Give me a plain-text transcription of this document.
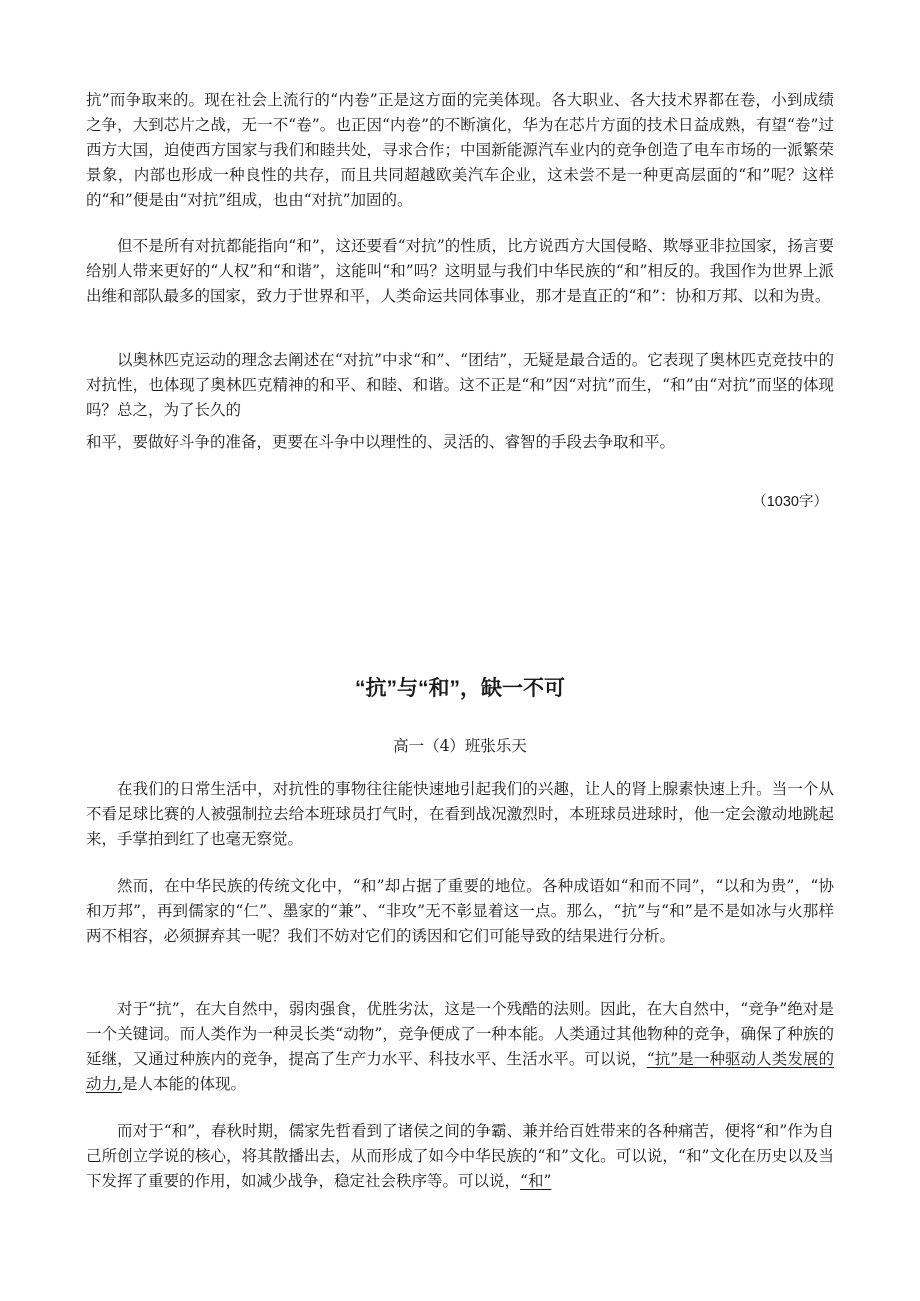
抗”而争取来的。现在社会上流行的“内卷”正是这方面的完美体现。各大职业、各大技术界都在卷，小到成绩之争，大到芯片之战，无一不“卷”。也正因“内卷”的不断演化，华为在芯片方面的技术日益成熟，有望“卷”过西方大国，迫使西方国家与我们和睦共处，寻求合作；中国新能源汽车业内的竞争创造了电车市场的一派繁荣景象，内部也形成一种良性的共存，而且共同超越欧美汽车企业，这未尝不是一种更高层面的“和”呢？这样的“和”便是由“对抗”组成，也由“对抗”加固的。

但不是所有对抗都能指向“和”，这还要看“对抗”的性质，比方说西方大国侵略、欺辱亚非拉国家，扬言要给别人带来更好的“人权”和“和谐”，这能叫“和”吗？这明显与我们中华民族的“和”相反的。我国作为世界上派出维和部队最多的国家，致力于世界和平，人类命运共同体事业，那才是直正的“和”：协和万邦、以和为贵。

以奥林匹克运动的理念去阐述在“对抗”中求“和”、“团结”，无疑是最合适的。它表现了奥林匹克竞技中的对抗性，也体现了奥林匹克精神的和平、和睦、和谐。这不正是“和”因“对抗”而生，“和”由“对抗”而坚的体现吗？总之，为了长久的

和平，要做好斗争的准备，更要在斗争中以理性的、灵活的、睿智的手段去争取和平。

（1030字）

“抗”与“和”，缺一不可

高一（4）班张乐天

在我们的日常生活中，对抗性的事物往往能快速地引起我们的兴趣，让人的肾上腺素快速上升。当一个从不看足球比赛的人被强制拉去给本班球员打气时，在看到战况激烈时，本班球员进球时，他一定会激动地跳起来，手掌拍到红了也毫无察觉。

然而，在中华民族的传统文化中，“和”却占据了重要的地位。各种成语如“和而不同”，“以和为贵”，“协和万邦”，再到儒家的“仁”、墨家的“兼”、“非攻”无不彰显着这一点。那么，“抗”与“和”是不是如冰与火那样两不相容，必须摒弃其一呢？我们不妨对它们的诱因和它们可能导致的结果进行分析。

对于“抗”，在大自然中，弱肉强食，优胜劣汰，这是一个残酷的法则。因此，在大自然中，“竞争”绝对是一个关键词。而人类作为一种灵长类“动物”，竞争便成了一种本能。人类通过其他物种的竞争，确保了种族的延继，又通过种族内的竞争，提高了生产力水平、科技水平、生活水平。可以说，“抗”是一种驱动人类发展的动力,是人本能的体现。

而对于“和”，春秋时期，儒家先哲看到了诸侯之间的争霸、兼并给百姓带来的各种痛苦，便将“和”作为自己所创立学说的核心，将其散播出去，从而形成了如今中华民族的“和”文化。可以说，“和”文化在历史以及当下发挥了重要的作用，如减少战争，稳定社会秩序等。可以说，“和”
